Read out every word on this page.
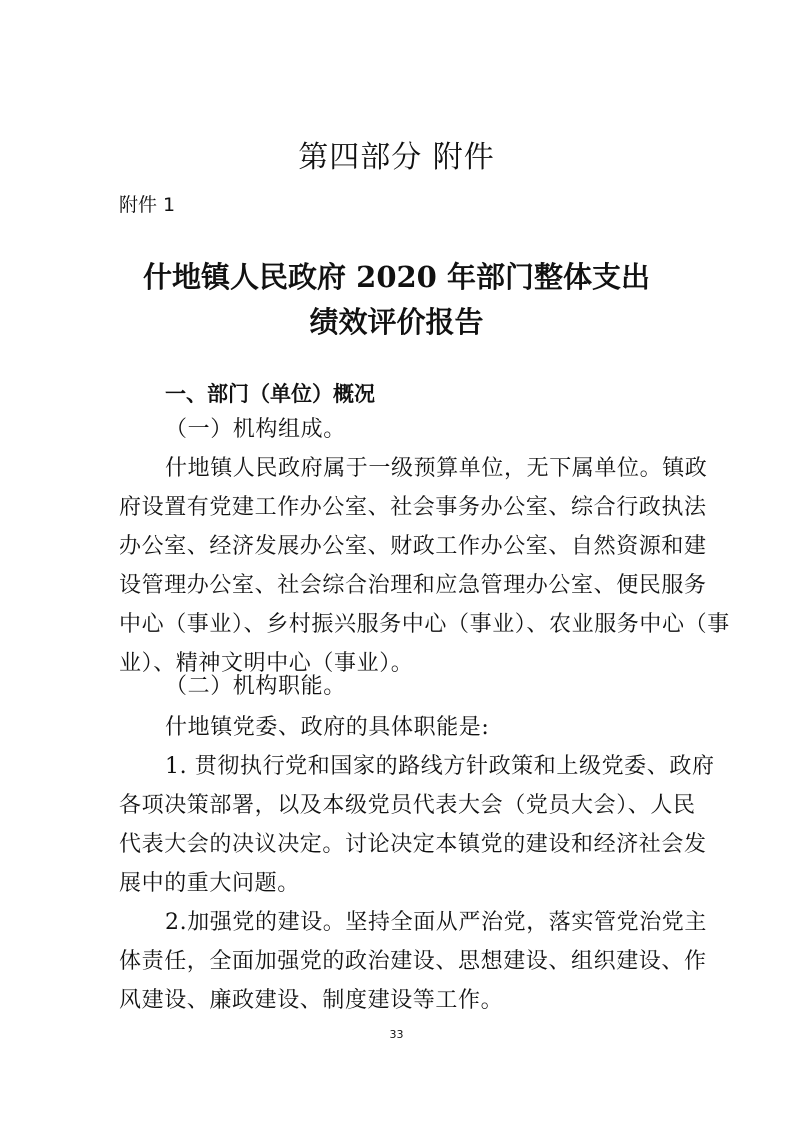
第四部分 附件
附件 1
什地镇人民政府 2020 年部门整体支出
绩效评价报告
一、部门（单位）概况
（一）机构组成。
什地镇人民政府属于一级预算单位，无下属单位。镇政
府设置有党建工作办公室、社会事务办公室、综合行政执法
办公室、经济发展办公室、财政工作办公室、自然资源和建
设管理办公室、社会综合治理和应急管理办公室、便民服务
中心（事业）、乡村振兴服务中心（事业）、农业服务中心（事
业）、精神文明中心（事业）。
（二）机构职能。
什地镇党委、政府的具体职能是:
1. 贯彻执行党和国家的路线方针政策和上级党委、政府
各项决策部署，以及本级党员代表大会（党员大会）、人民
代表大会的决议决定。讨论决定本镇党的建设和经济社会发
展中的重大问题。
2.加强党的建设。坚持全面从严治党，落实管党治党主
体责任，全面加强党的政治建设、思想建设、组织建设、作
风建设、廉政建设、制度建设等工作。
33
